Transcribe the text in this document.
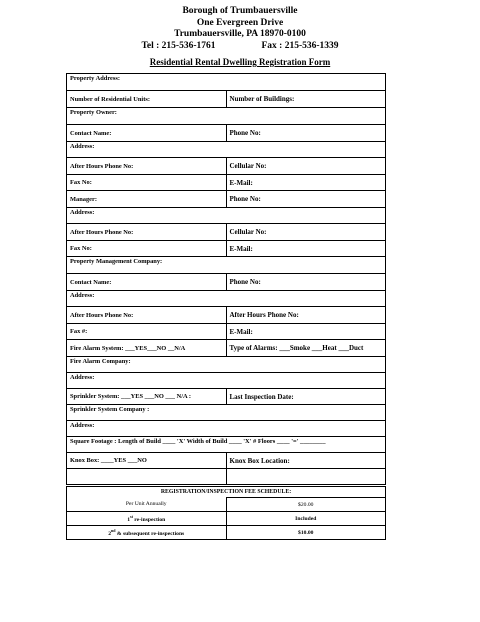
Borough of Trumbauersville
One Evergreen Drive
Trumbauersville, PA 18970-0100
Tel : 215-536-1761	Fax : 215-536-1339
Residential Rental Dwelling Registration Form
Property Address:	
Number of Residential Units:	Number of Buildings:
Property Owner:	
Contact Name:	Phone No:
Address:	
After Hours Phone No:	Cellular No:
Fax No:	E-Mail:
Manager:	Phone No:
Address:	
After Hours Phone No:	Cellular No:
Fax No:	E-Mail:
Property Management Company:	
Contact Name:	Phone No:
Address:	
After Hours Phone No:	After Hours Phone No:
Fax #:	E-Mail:
Fire Alarm System: ___YES___NO __N/A	Type of Alarms: ___Smoke ___Heat ___Duct
Fire Alarm Company:	
Address:	
Sprinkler System: ___YES ___NO ___ N/A :	Last Inspection Date:
Sprinkler System Company :	
Address:	
Square Footage : Length of Build ____ 'X' Width of Build ____ 'X' # Floors ____ '=' ________	
Knox Box: ____YES ___NO	Knox Box Location:

REGISTRATION/INSPECTION FEE SCHEDULE:	
Per Unit Annually	$20.00
1st re-inspection	Included
2nd & subsequent re-inspections	$10.00
